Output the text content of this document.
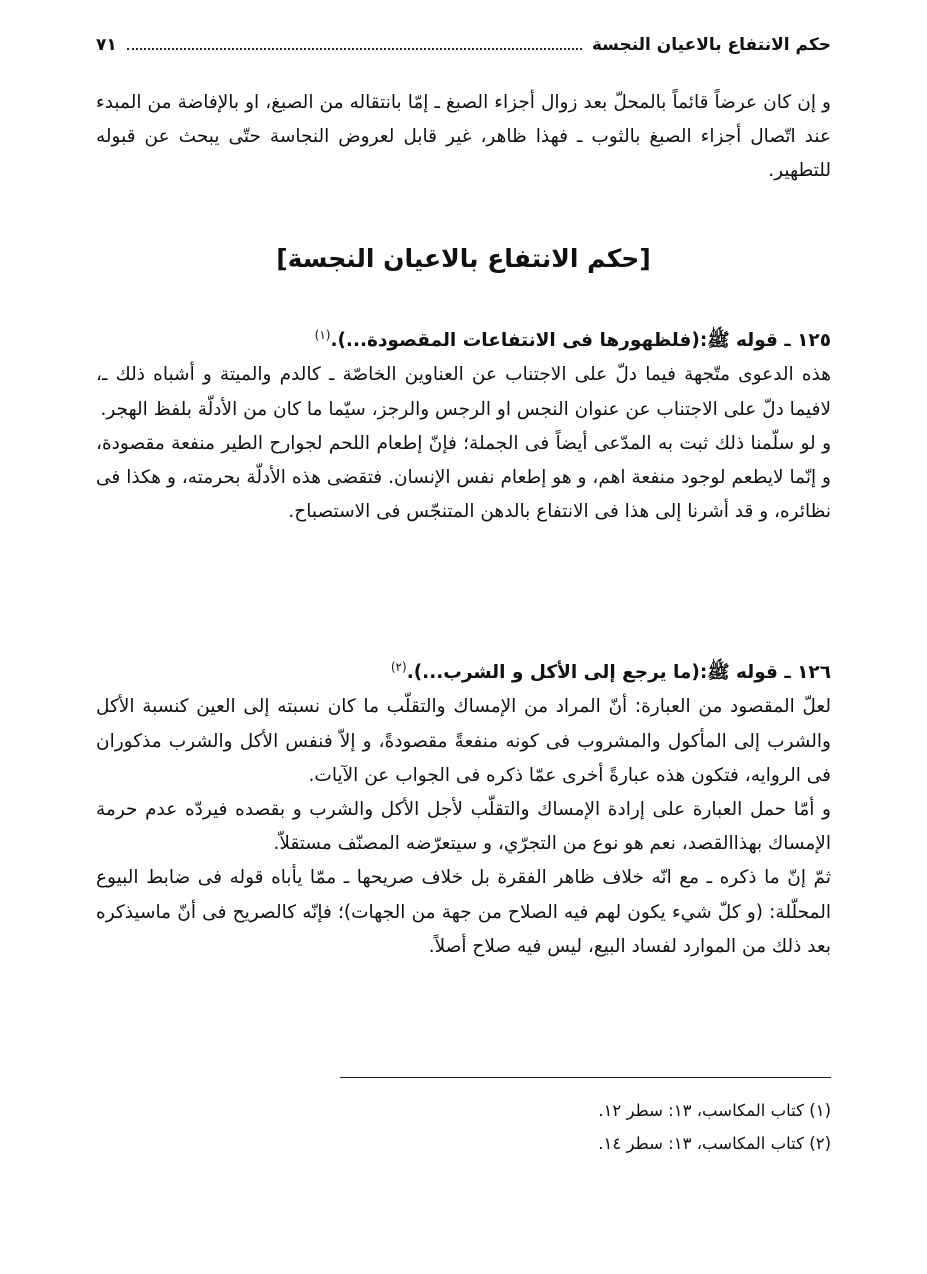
حكم الانتفاع بالاعيان النجسة
٧١

و إن كان عرضاً قائماً بالمحلّ بعد زوال أجزاء الصبغ ـ إمّا بانتقاله من الصبغ، او بالإفاضة من المبدء عند اتّصال أجزاء الصبغ بالثوب ـ فهذا ظاهر، غير قابل لعروض النجاسة حتّى يبحث عن قبوله للتطهير.

[حكم الانتفاع بالاعيان النجسة]

١٢٥ ـ قوله ﷺ:(فلظهورها فى الانتفاعات المقصودة...).$^{(١)}$

هذه الدعوى متّجهة فيما دلّ على الاجتناب عن العناوين الخاصّة ـ كالدم والميتة و أشباه ذلك ـ، لافيما دلّ على الاجتناب عن عنوان النجس او الرجس والرجز، سيّما ما كان من الأدلّة بلفظ الهجر.

و لو سلّمنا ذلك ثبت به المدّعى أيضاً فى الجملة؛ فإنّ إطعام اللحم لجوارح الطير منفعة مقصودة، و إنّما لايطعم لوجود منفعة اهم، و هو إطعام نفس الإنسان. فتقضى هذه الأدلّة بحرمته، و هكذا فى نظائره، و قد أشرنا إلى هذا فى الانتفاع بالدهن المتنجّس فى الاستصباح.

١٢٦ ـ قوله ﷺ:(ما يرجع إلى الأكل و الشرب...).$^{(٢)}$

لعلّ المقصود من العبارة: أنّ المراد من الإمساك والتقلّب ما كان نسبته إلى العين كنسبة الأكل والشرب إلى المأكول والمشروب فى كونه منفعةً مقصودةً، و إلاّ فنفس الأكل والشرب مذكوران فى الروايه، فتكون هذه عبارةً أخرى عمّا ذكره فى الجواب عن الآيات.

و أمّا حمل العبارة على إرادة الإمساك والتقلّب لأجل الأكل والشرب و بقصده فيردّه عدم حرمة الإمساك بهذاالقصد، نعم هو نوع من التجرّي، و سيتعرّضه المصنّف مستقلاّ.

ثمّ إنّ ما ذكره ـ مع انّه خلاف ظاهر الفقرة بل خلاف صريحها ـ ممّا يأباه قوله فى ضابط البيوع المحلّلة: (و كلّ شيء يكون لهم فيه الصلاح من جهة من الجهات)؛ فإنّه كالصريح فى أنّ ماسيذكره بعد ذلك من الموارد لفساد البيع، ليس فيه صلاح أصلاً.

(١) كتاب المكاسب، ١٣: سطر ١٢.
(٢) كتاب المكاسب، ١٣: سطر ١٤.
